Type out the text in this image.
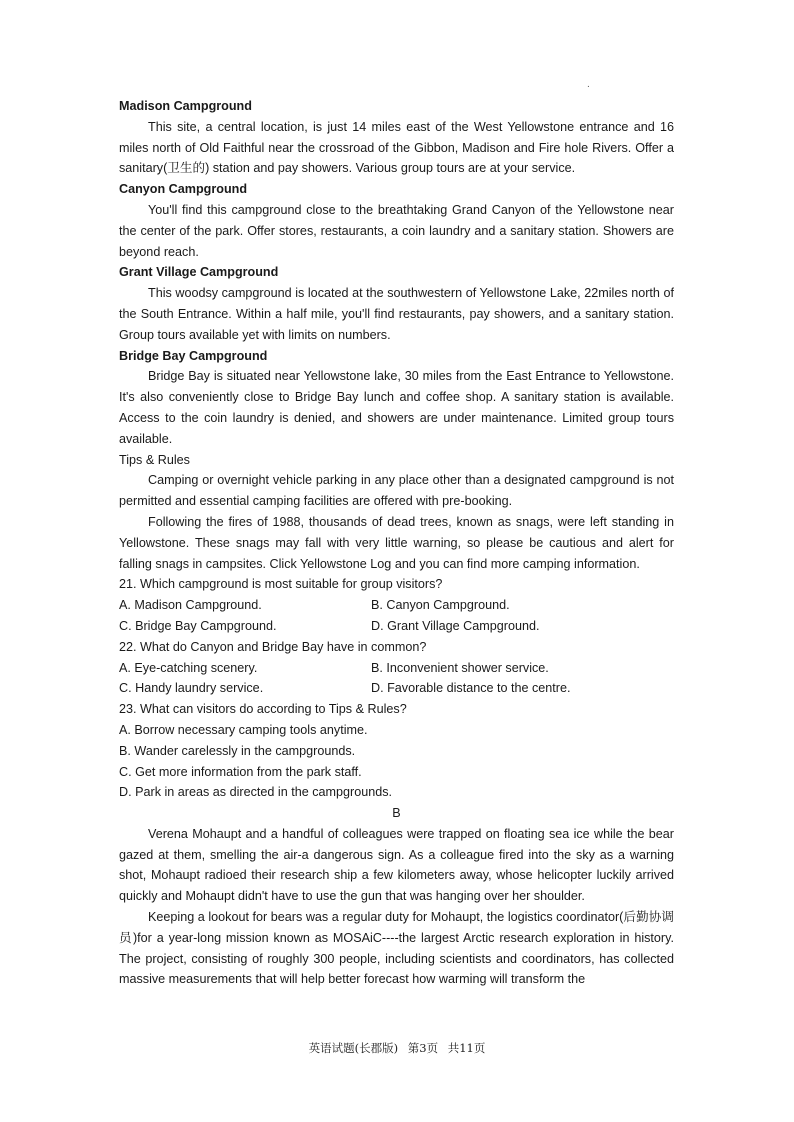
.
Madison Campground
This site, a central location, is just 14 miles east of the West Yellowstone entrance and 16 miles north of Old Faithful near the crossroad of the Gibbon, Madison and Fire hole Rivers. Offer a sanitary(卫生的) station and pay showers. Various group tours are at your service.
Canyon Campground
You'll find this campground close to the breathtaking Grand Canyon of the Yellowstone near the center of the park. Offer stores, restaurants, a coin laundry and a sanitary station. Showers are beyond reach.
Grant Village Campground
This woodsy campground is located at the southwestern of Yellowstone Lake, 22miles north of the South Entrance. Within a half mile, you'll find restaurants, pay showers, and a sanitary station. Group tours available yet with limits on numbers.
Bridge Bay Campground
Bridge Bay is situated near Yellowstone lake, 30 miles from the East Entrance to Yellowstone. It's also conveniently close to Bridge Bay lunch and coffee shop. A sanitary station is available. Access to the coin laundry is denied, and showers are under maintenance. Limited group tours available.
Tips & Rules
Camping or overnight vehicle parking in any place other than a designated campground is not permitted and essential camping facilities are offered with pre-booking.
Following the fires of 1988, thousands of dead trees, known as snags, were left standing in Yellowstone. These snags may fall with very little warning, so please be cautious and alert for falling snags in campsites. Click Yellowstone Log and you can find more camping information.
21. Which campground is most suitable for group visitors?
A. Madison Campground.	B. Canyon Campground.
C. Bridge Bay Campground.	D. Grant Village Campground.
22. What do Canyon and Bridge Bay have in common?
A. Eye-catching scenery.	B. Inconvenient shower service.
C. Handy laundry service.	D. Favorable distance to the centre.
23. What can visitors do according to Tips & Rules?
A. Borrow necessary camping tools anytime.
B. Wander carelessly in the campgrounds.
C. Get more information from the park staff.
D. Park in areas as directed in the campgrounds.
B
Verena Mohaupt and a handful of colleagues were trapped on floating sea ice while the bear gazed at them, smelling the air-a dangerous sign. As a colleague fired into the sky as a warning shot, Mohaupt radioed their research ship a few kilometers away, whose helicopter luckily arrived quickly and Mohaupt didn't have to use the gun that was hanging over her shoulder.
Keeping a lookout for bears was a regular duty for Mohaupt, the logistics coordinator(后勤协调员)for a year-long mission known as MOSAiC----the largest Arctic research exploration in history. The project, consisting of roughly 300 people, including scientists and coordinators, has collected massive measurements that will help better forecast how warming will transform the
英语试题(长郡版) 第3页 共11页
